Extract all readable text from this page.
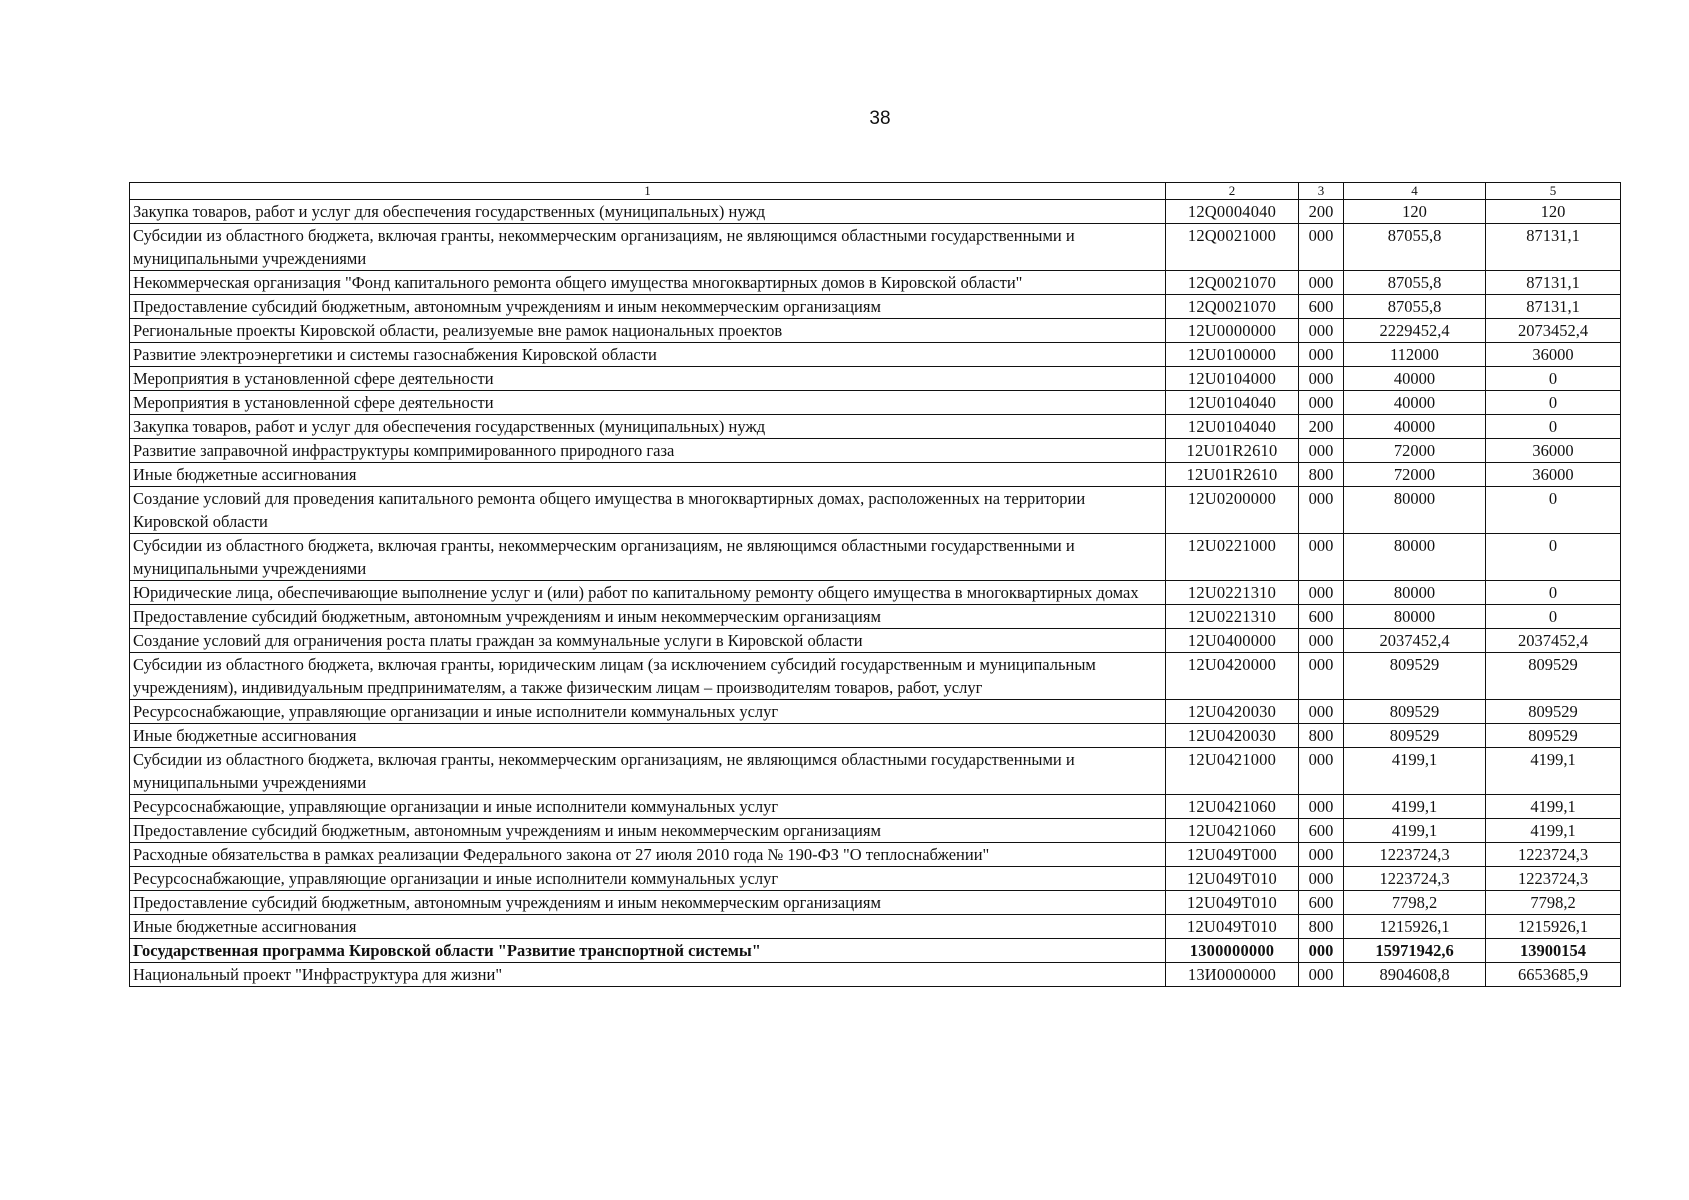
38
1	2	3	4	5
Закупка товаров, работ и услуг для обеспечения государственных (муниципальных) нужд	12Q0004040	200	120	120
Субсидии из областного бюджета, включая гранты, некоммерческим организациям, не являющимся областными государственными и муниципальными учреждениями	12Q0021000	000	87055,8	87131,1
Некоммерческая организация "Фонд капитального ремонта общего имущества многоквартирных домов в Кировской области"	12Q0021070	000	87055,8	87131,1
Предоставление субсидий бюджетным, автономным учреждениям и иным некоммерческим организациям	12Q0021070	600	87055,8	87131,1
Региональные проекты Кировской области, реализуемые вне рамок национальных проектов	12U0000000	000	2229452,4	2073452,4
Развитие электроэнергетики и системы газоснабжения Кировской области	12U0100000	000	112000	36000
Мероприятия в установленной сфере деятельности	12U0104000	000	40000	0
Мероприятия в установленной сфере деятельности	12U0104040	000	40000	0
Закупка товаров, работ и услуг для обеспечения государственных (муниципальных) нужд	12U0104040	200	40000	0
Развитие заправочной инфраструктуры компримированного природного газа	12U01R2610	000	72000	36000
Иные бюджетные ассигнования	12U01R2610	800	72000	36000
Создание условий для проведения капитального ремонта общего имущества в многоквартирных домах, расположенных на территории Кировской области	12U0200000	000	80000	0
Субсидии из областного бюджета, включая гранты, некоммерческим организациям, не являющимся областными государственными и муниципальными учреждениями	12U0221000	000	80000	0
Юридические лица, обеспечивающие выполнение услуг и (или) работ по капитальному ремонту общего имущества в многоквартирных домах	12U0221310	000	80000	0
Предоставление субсидий бюджетным, автономным учреждениям и иным некоммерческим организациям	12U0221310	600	80000	0
Создание условий для ограничения роста платы граждан за коммунальные услуги в Кировской области	12U0400000	000	2037452,4	2037452,4
Субсидии из областного бюджета, включая гранты, юридическим лицам (за исключением субсидий государственным и муниципальным учреждениям), индивидуальным предпринимателям, а также физическим лицам – производителям товаров, работ, услуг	12U0420000	000	809529	809529
Ресурсоснабжающие, управляющие организации и иные исполнители коммунальных услуг	12U0420030	000	809529	809529
Иные бюджетные ассигнования	12U0420030	800	809529	809529
Субсидии из областного бюджета, включая гранты, некоммерческим организациям, не являющимся областными государственными и муниципальными учреждениями	12U0421000	000	4199,1	4199,1
Ресурсоснабжающие, управляющие организации и иные исполнители коммунальных услуг	12U0421060	000	4199,1	4199,1
Предоставление субсидий бюджетным, автономным учреждениям и иным некоммерческим организациям	12U0421060	600	4199,1	4199,1
Расходные обязательства в рамках реализации Федерального закона от 27 июля 2010 года № 190-ФЗ "О теплоснабжении"	12U049T000	000	1223724,3	1223724,3
Ресурсоснабжающие, управляющие организации и иные исполнители коммунальных услуг	12U049T010	000	1223724,3	1223724,3
Предоставление субсидий бюджетным, автономным учреждениям и иным некоммерческим организациям	12U049T010	600	7798,2	7798,2
Иные бюджетные ассигнования	12U049T010	800	1215926,1	1215926,1
Государственная программа Кировской области "Развитие транспортной системы"	1300000000	000	15971942,6	13900154
Национальный проект "Инфраструктура для жизни"	13И0000000	000	8904608,8	6653685,9
